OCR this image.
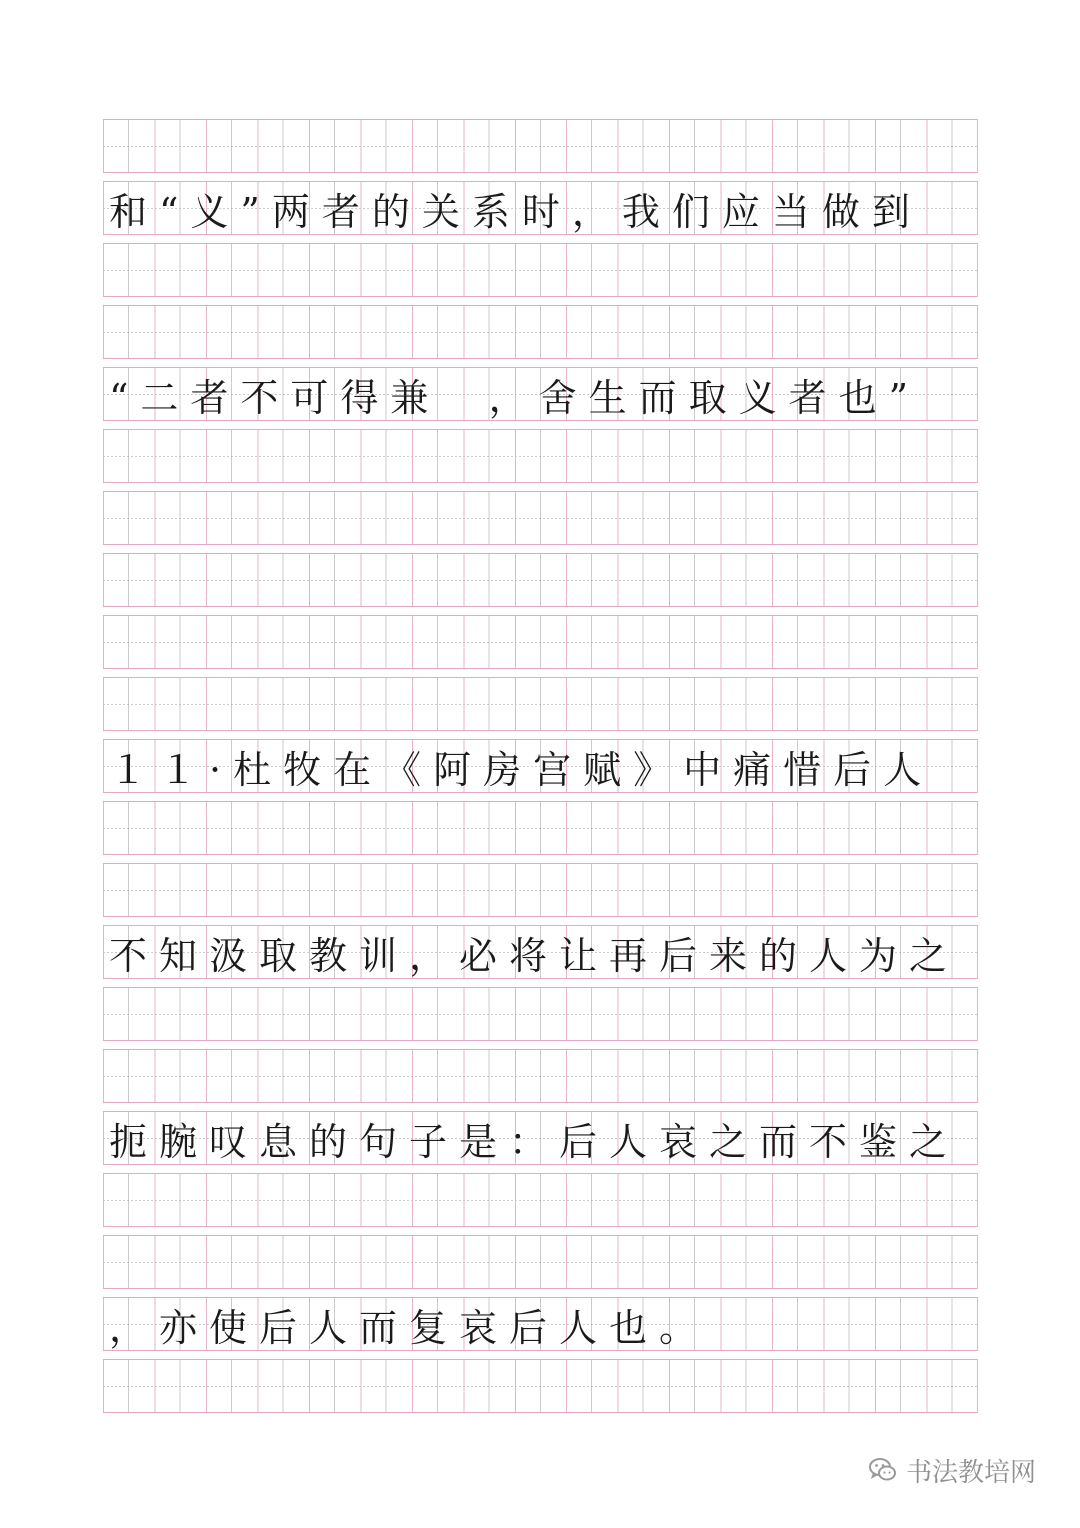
和“义”两者的关系时，我们应当做到
“二者不可得兼  ，舍生而取义者也”
１１·杜牧在《阿房宫赋》中痛惜后人
不知汲取教训，必将让再后来的人为之
扼腕叹息的句子是：后人哀之而不鉴之
，亦使后人而复哀后人也。
书法教培网
